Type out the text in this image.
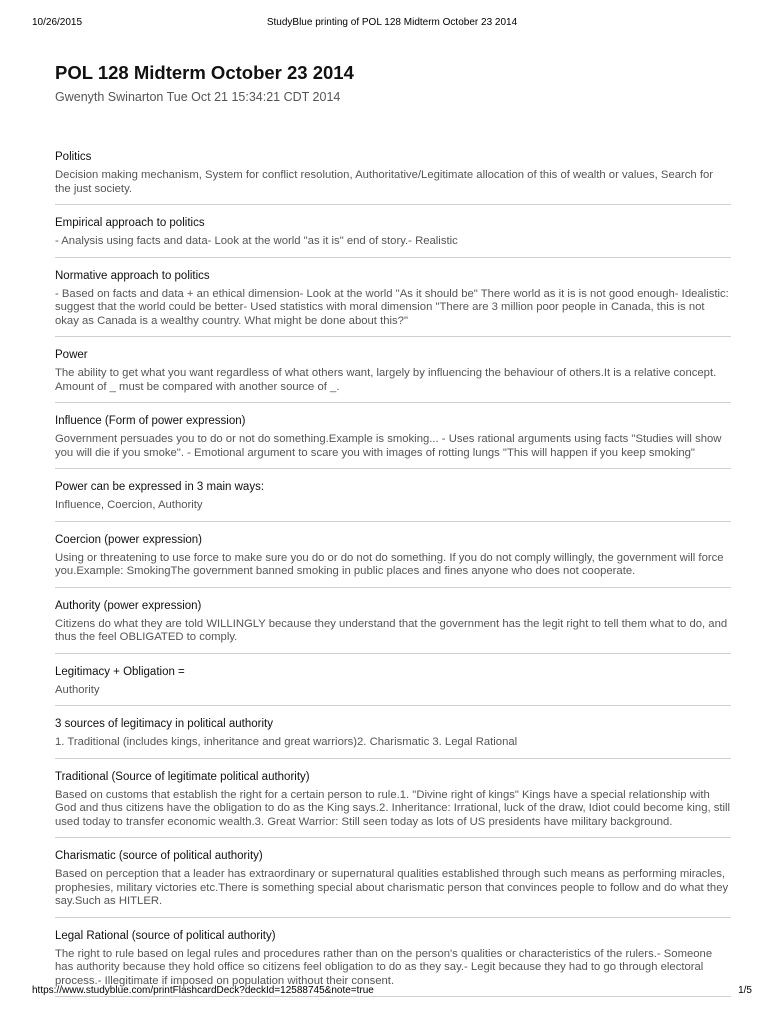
10/26/2015	StudyBlue printing of POL 128 Midterm October 23 2014
POL 128 Midterm October 23 2014
Gwenyth Swinarton Tue Oct 21 15:34:21 CDT 2014
Politics
Decision making mechanism, System for conflict resolution, Authoritative/Legitimate allocation of this of wealth or values, Search for the just society.
Empirical approach to politics
- Analysis using facts and data- Look at the world "as it is" end of story.- Realistic
Normative approach to politics
- Based on facts and data + an ethical dimension- Look at the world "As it should be" There world as it is is not good enough- Idealistic: suggest that the world could be better- Used statistics with moral dimension "There are 3 million poor people in Canada, this is not okay as Canada is a wealthy country. What might be done about this?"
Power
The ability to get what you want regardless of what others want, largely by influencing the behaviour of others.It is a relative concept. Amount of _ must be compared with another source of _.
Influence (Form of power expression)
Government persuades you to do or not do something.Example is smoking... - Uses rational arguments using facts "Studies will show you will die if you smoke". - Emotional argument to scare you with images of rotting lungs "This will happen if you keep smoking"
Power can be expressed in 3 main ways:
Influence, Coercion, Authority
Coercion (power expression)
Using or threatening to use force to make sure you do or do not do something. If you do not comply willingly, the government will force you.Example: SmokingThe government banned smoking in public places and fines anyone who does not cooperate.
Authority (power expression)
Citizens do what they are told WILLINGLY because they understand that the government has the legit right to tell them what to do, and thus the feel OBLIGATED to comply.
Legitimacy + Obligation =
Authority
3 sources of legitimacy in political authority
1. Traditional (includes kings, inheritance and great warriors)2. Charismatic 3. Legal Rational
Traditional (Source of legitimate political authority)
Based on customs that establish the right for a certain person to rule.1. "Divine right of kings" Kings have a special relationship with God and thus citizens have the obligation to do as the King says.2. Inheritance: Irrational, luck of the draw, Idiot could become king, still used today to transfer economic wealth.3. Great Warrior: Still seen today as lots of US presidents have military background.
Charismatic (source of political authority)
Based on perception that a leader has extraordinary or supernatural qualities established through such means as performing miracles, prophesies, military victories etc.There is something special about charismatic person that convinces people to follow and do what they say.Such as HITLER.
Legal Rational (source of political authority)
The right to rule based on legal rules and procedures rather than on the person's qualities or characteristics of the rulers.- Someone has authority because they hold office so citizens feel obligation to do as they say.- Legit because they had to go through electoral process.- Illegitimate if imposed on population without their consent.
https://www.studyblue.com/printFlashcardDeck?deckId=12588745&note=true	1/5
